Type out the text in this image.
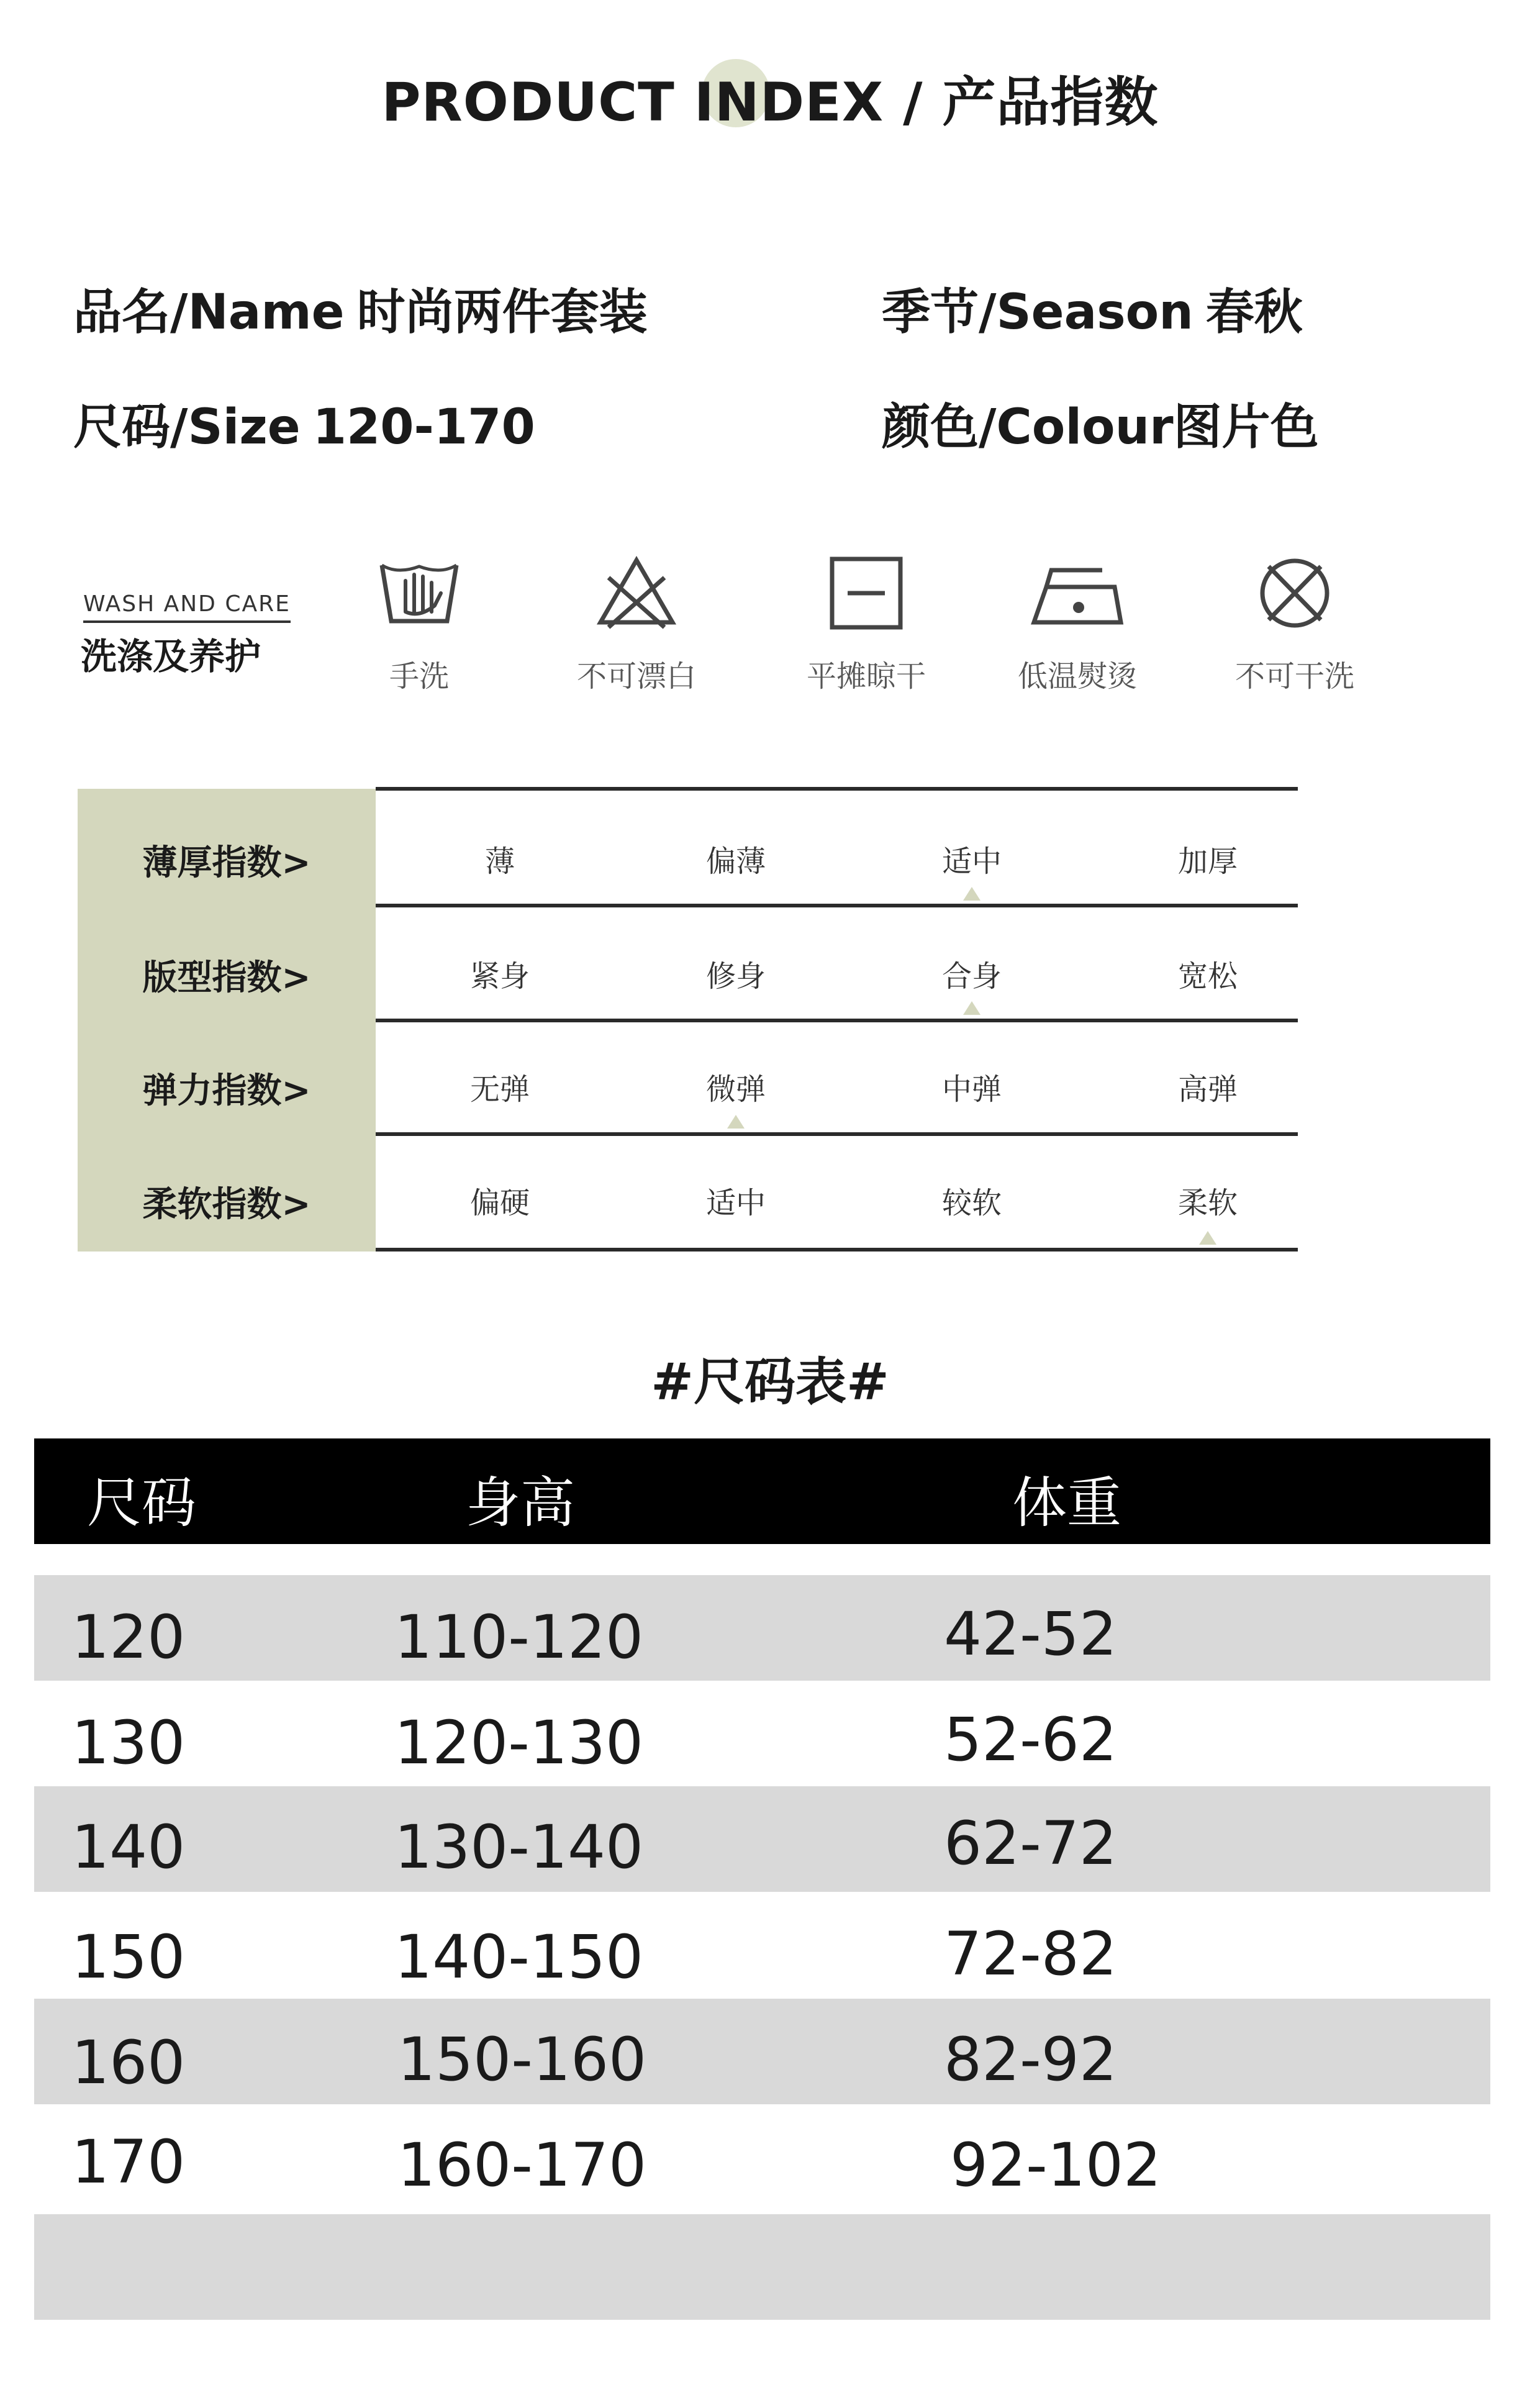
PRODUCT INDEX / 产品指数
品名/Name 时尚两件套装	季节/Season 春秋
尺码/Size 120-170	颜色/Colour图片色
WASH AND CARE
洗涤及养护	手洗	不可漂白	平摊晾干	低温熨烫	不可干洗
薄厚指数>	薄	偏薄	适中	加厚
版型指数>	紧身	修身	合身	宽松
弹力指数>	无弹	微弹	中弹	高弹
柔软指数>	偏硬	适中	较软	柔软
#尺码表#
尺码	身高	体重
120	110-120	42-52
130	120-130	52-62
140	130-140	62-72
150	140-150	72-82
160	150-160	82-92
170	160-170	92-102
